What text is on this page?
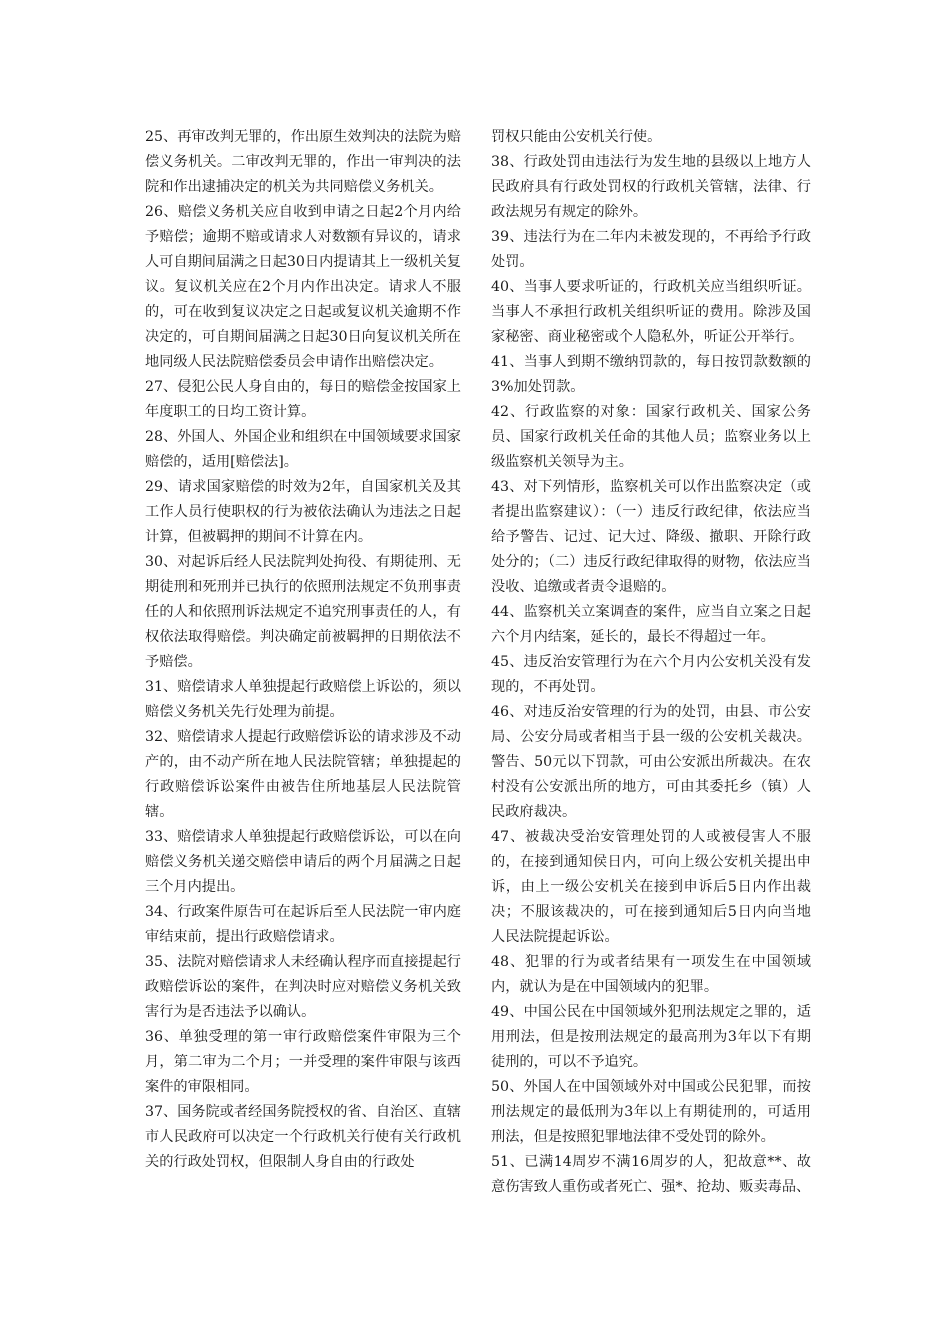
25、再审改判无罪的，作出原生效判决的法院为赔偿义务机关。二审改判无罪的，作出一审判决的法院和作出逮捕决定的机关为共同赔偿义务机关。

26、赔偿义务机关应自收到申请之日起2个月内给予赔偿；逾期不赔或请求人对数额有异议的，请求人可自期间届满之日起30日内提请其上一级机关复议。复议机关应在2个月内作出决定。请求人不服的，可在收到复议决定之日起或复议机关逾期不作决定的，可自期间届满之日起30日向复议机关所在地同级人民法院赔偿委员会申请作出赔偿决定。

27、侵犯公民人身自由的，每日的赔偿金按国家上年度职工的日均工资计算。

28、外国人、外国企业和组织在中国领域要求国家赔偿的，适用[赔偿法]。

29、请求国家赔偿的时效为2年，自国家机关及其工作人员行使职权的行为被依法确认为违法之日起计算，但被羁押的期间不计算在内。

30、对起诉后经人民法院判处拘役、有期徒刑、无期徒刑和死刑并已执行的依照刑法规定不负刑事责任的人和依照刑诉法规定不追究刑事责任的人，有权依法取得赔偿。判决确定前被羁押的日期依法不予赔偿。

31、赔偿请求人单独提起行政赔偿上诉讼的，须以赔偿义务机关先行处理为前提。

32、赔偿请求人提起行政赔偿诉讼的请求涉及不动产的，由不动产所在地人民法院管辖；单独提起的行政赔偿诉讼案件由被告住所地基层人民法院管辖。

33、赔偿请求人单独提起行政赔偿诉讼，可以在向赔偿义务机关递交赔偿申请后的两个月届满之日起三个月内提出。

34、行政案件原告可在起诉后至人民法院一审内庭审结束前，提出行政赔偿请求。

35、法院对赔偿请求人未经确认程序而直接提起行政赔偿诉讼的案件，在判决时应对赔偿义务机关致害行为是否违法予以确认。

36、单独受理的第一审行政赔偿案件审限为三个月，第二审为二个月；一并受理的案件审限与该西案件的审限相同。

37、国务院或者经国务院授权的省、自治区、直辖市人民政府可以决定一个行政机关行使有关行政机关的行政处罚权，但限制人身自由的行政处

罚权只能由公安机关行使。

38、行政处罚由违法行为发生地的县级以上地方人民政府具有行政处罚权的行政机关管辖，法律、行政法规另有规定的除外。

39、违法行为在二年内未被发现的，不再给予行政处罚。

40、当事人要求听证的，行政机关应当组织听证。当事人不承担行政机关组织听证的费用。除涉及国家秘密、商业秘密或个人隐私外，听证公开举行。

41、当事人到期不缴纳罚款的，每日按罚款数额的3%加处罚款。

42、行政监察的对象：国家行政机关、国家公务员、国家行政机关任命的其他人员；监察业务以上级监察机关领导为主。

43、对下列情形，监察机关可以作出监察决定（或者提出监察建议）：（一）违反行政纪律，依法应当给予警告、记过、记大过、降级、撤职、开除行政处分的；（二）违反行政纪律取得的财物，依法应当没收、追缴或者责令退赔的。

44、监察机关立案调查的案件，应当自立案之日起六个月内结案，延长的，最长不得超过一年。

45、违反治安管理行为在六个月内公安机关没有发现的，不再处罚。

46、对违反治安管理的行为的处罚，由县、市公安局、公安分局或者相当于县一级的公安机关裁决。警告、50元以下罚款，可由公安派出所裁决。在农村没有公安派出所的地方，可由其委托乡（镇）人民政府裁决。

47、被裁决受治安管理处罚的人或被侵害人不服的，在接到通知侯日内，可向上级公安机关提出申诉，由上一级公安机关在接到申诉后5日内作出裁决；不服该裁决的，可在接到通知后5日内向当地人民法院提起诉讼。

48、犯罪的行为或者结果有一项发生在中国领域内，就认为是在中国领域内的犯罪。

49、中国公民在中国领域外犯刑法规定之罪的，适用刑法，但是按刑法规定的最高刑为3年以下有期徒刑的，可以不予追究。

50、外国人在中国领域外对中国或公民犯罪，而按刑法规定的最低刑为3年以上有期徒刑的，可适用刑法，但是按照犯罪地法律不受处罚的除外。

51、已满14周岁不满16周岁的人，犯故意**、故意伤害致人重伤或者死亡、强*、抢劫、贩卖毒品、
